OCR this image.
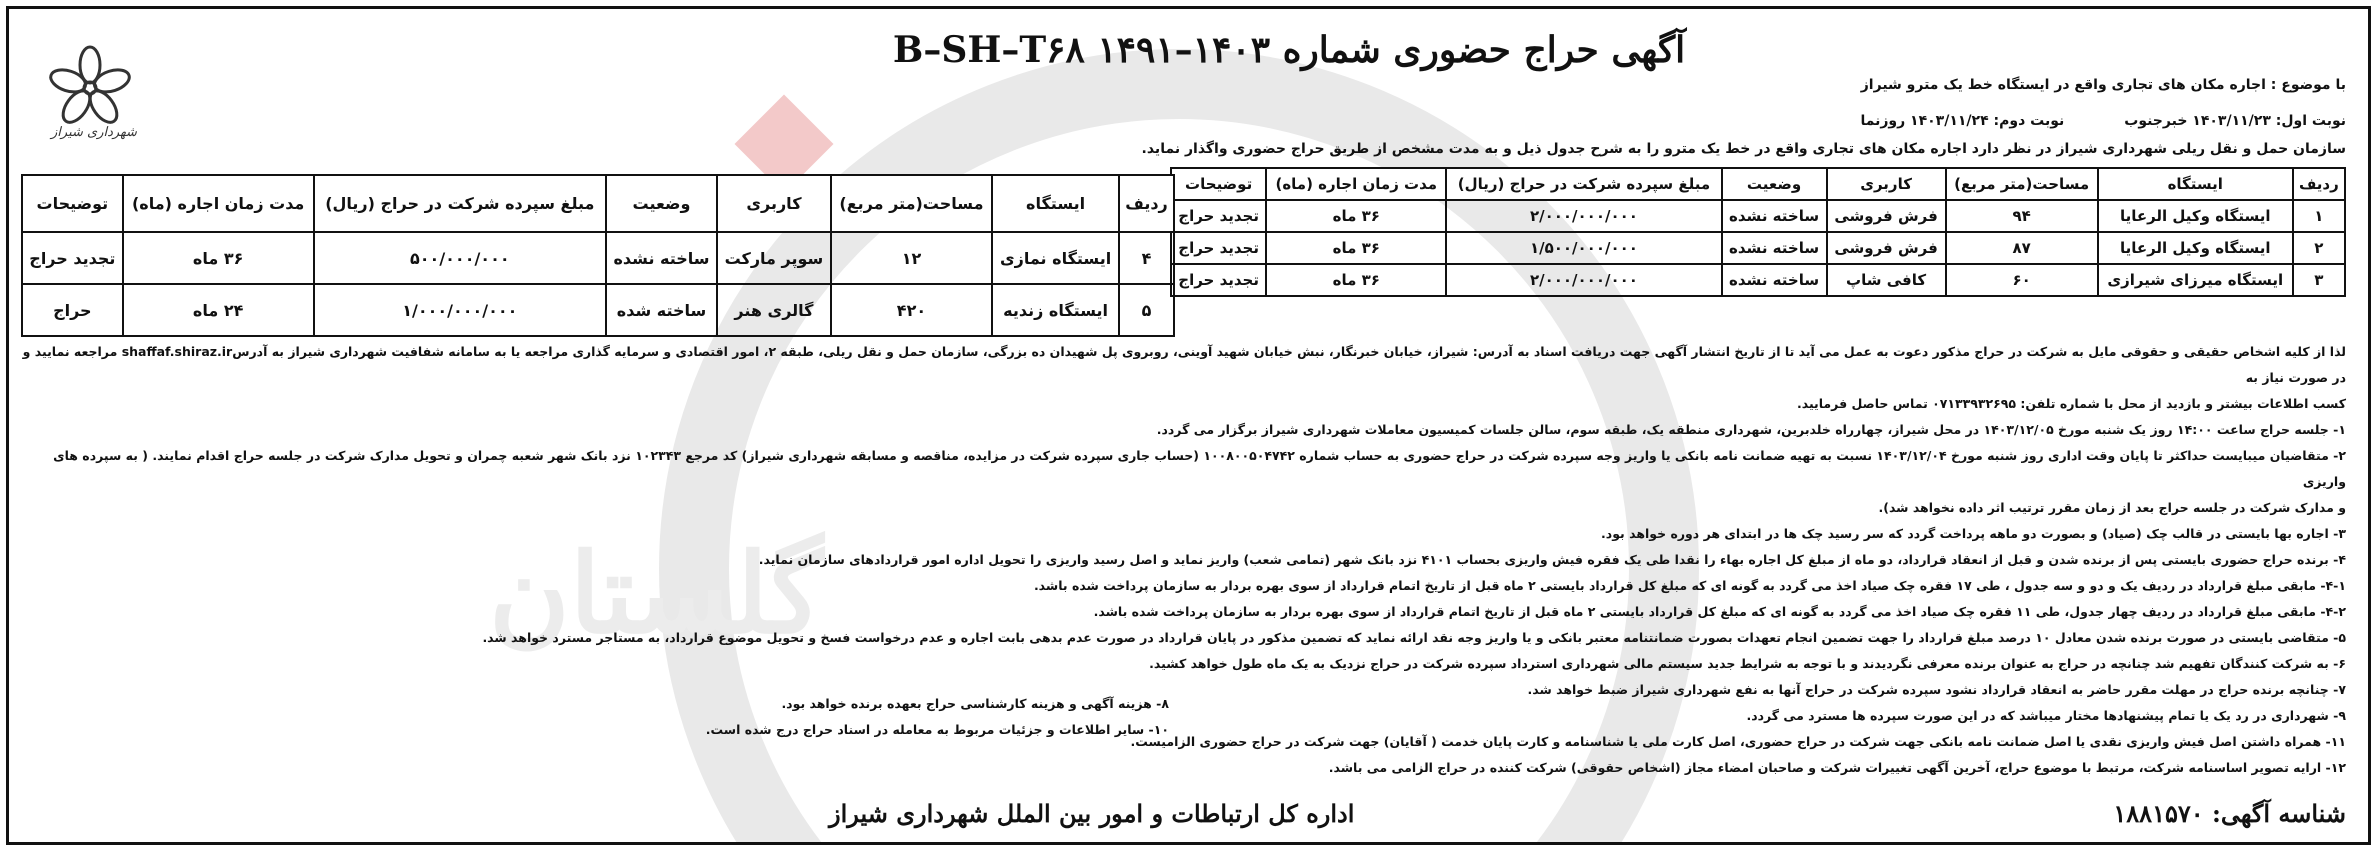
گلستان
آگهی حراج حضوری شماره B–SH–T۶۸ ۱۴۹۱–۱۴۰۳
شهرداری شیراز
با موضوع : اجاره مکان های تجاری واقع در ایستگاه خط یک مترو شیراز
نوبت اول: ۱۴۰۳/۱۱/۲۳ خبرجنوبنوبت دوم: ۱۴۰۳/۱۱/۲۴ روزنما
سازمان حمل و نقل ریلی شهرداری شیراز در نظر دارد اجاره مکان های تجاری واقع در خط یک مترو را به شرح جدول ذیل و به مدت مشخص از طریق حراج حضوری واگذار نماید.
ردیف	ایستگاه	مساحت(متر مربع)	کاربری	وضعیت	مبلغ سپرده شرکت در حراج (ریال)	مدت زمان اجاره (ماه)	توضیحات
۱	ایستگاه وکیل الرعایا	۹۴	فرش فروشی	ساخته نشده	۲/۰۰۰/۰۰۰/۰۰۰	۳۶ ماه	تجدید حراج
۲	ایستگاه وکیل الرعایا	۸۷	فرش فروشی	ساخته نشده	۱/۵۰۰/۰۰۰/۰۰۰	۳۶ ماه	تجدید حراج
۳	ایستگاه میرزای شیرازی	۶۰	کافی شاپ	ساخته نشده	۲/۰۰۰/۰۰۰/۰۰۰	۳۶ ماه	تجدید حراج
ردیف	ایستگاه	مساحت(متر مربع)	کاربری	وضعیت	مبلغ سپرده شرکت در حراج (ریال)	مدت زمان اجاره (ماه)	توضیحات
۴	ایستگاه نمازی	۱۲	سوپر مارکت	ساخته نشده	۵۰۰/۰۰۰/۰۰۰	۳۶ ماه	تجدید حراج
۵	ایستگاه زندیه	۴۲۰	گالری هنر	ساخته شده	۱/۰۰۰/۰۰۰/۰۰۰	۲۴ ماه	حراج

لذا از کلیه اشخاص حقیقی و حقوقی مایل به شرکت در حراج مذکور دعوت به عمل می آید تا از تاریخ انتشار آگهی جهت دریافت اسناد به آدرس: شیراز، خیابان خبرنگار، نبش خیابان شهید آوینی، روبروی پل شهیدان ده بزرگی، سازمان حمل و نقل ریلی، طبقه ۲، امور اقتصادی و سرمایه گذاری مراجعه یا به سامانه شفافیت شهرداری شیراز به آدرسshaffaf.shiraz.ir مراجعه نمایید و در صورت نیاز به

کسب اطلاعات بیشتر و بازدید از محل با شماره تلفن: ۰۷۱۳۳۹۳۲۶۹۵ تماس حاصل فرمایید.

۱- جلسه حراج ساعت ۱۴:۰۰ روز یک شنبه مورخ ۱۴۰۳/۱۲/۰۵ در محل شیراز، چهارراه خلدبرین، شهرداری منطقه یک، طبقه سوم، سالن جلسات کمیسیون معاملات شهرداری شیراز برگزار می گردد.

۲- متقاضیان میبایست حداکثر تا پایان وقت اداری روز شنبه مورخ ۱۴۰۳/۱۲/۰۴ نسبت به تهیه ضمانت نامه بانکی یا واریز وجه سپرده شرکت در حراج حضوری به حساب شماره ۱۰۰۸۰۰۵۰۴۷۴۲ (حساب جاری سپرده شرکت در مزایده، مناقصه و مسابقه شهرداری شیراز) کد مرجع ۱۰۲۳۴۳ نزد بانک شهر شعبه چمران و تحویل مدارک شرکت در جلسه حراج اقدام نمایند. ( به سپرده های واریزی

و مدارک شرکت در جلسه حراج بعد از زمان مقرر ترتیب اثر داده نخواهد شد).

۳- اجاره بها بایستی در قالب چک (صیاد) و بصورت دو ماهه پرداخت گردد که سر رسید چک ها در ابتدای هر دوره خواهد بود.

۴- برنده حراج حضوری بایستی پس از برنده شدن و قبل از انعقاد قرارداد، دو ماه از مبلغ کل اجاره بهاء را نقدا طی یک فقره فیش واریزی بحساب ۴۱۰۱ نزد بانک شهر (تمامی شعب) واریز نماید و اصل رسید واریزی را تحویل اداره امور قراردادهای سازمان نماید.

۴-۱- مابقی مبلغ قرارداد در ردیف یک و دو و سه جدول ، طی ۱۷ فقره چک صیاد اخذ می گردد به گونه ای که مبلغ کل قرارداد بایستی ۲ ماه قبل از تاریخ اتمام قرارداد از سوی بهره بردار به سازمان پرداخت شده باشد.

۴-۲- مابقی مبلغ قرارداد در ردیف چهار جدول، طی ۱۱ فقره چک صیاد اخذ می گردد به گونه ای که مبلغ کل قرارداد بایستی ۲ ماه قبل از تاریخ اتمام قرارداد از سوی بهره بردار به سازمان پرداخت شده باشد.

۵- متقاضی بایستی در صورت برنده شدن معادل ۱۰ درصد مبلغ قرارداد را جهت تضمین انجام تعهدات بصورت ضمانتنامه معتبر بانکی و یا واریز وجه نقد ارائه نماید که تضمین مذکور در پایان قرارداد در صورت عدم بدهی بابت اجاره و عدم درخواست فسخ و تحویل موضوع قرارداد، به مستاجر مسترد خواهد شد.

۶- به شرکت کنندگان تفهیم شد چنانچه در حراج به عنوان برنده معرفی نگردیدند و با توجه به شرایط جدید سیستم مالی شهرداری استرداد سپرده شرکت در حراج نزدیک به یک ماه طول خواهد کشید.

۷- چنانچه برنده حراج در مهلت مقرر حاضر به انعقاد قرارداد نشود سپرده شرکت در حراج آنها به نفع شهرداری شیراز ضبط خواهد شد.

۹- شهرداری در رد یک یا تمام پیشنهادها مختار میباشد که در این صورت سپرده ها مسترد می گردد.

۱۱- همراه داشتن اصل فیش واریزی نقدی یا اصل ضمانت نامه بانکی جهت شرکت در حراج حضوری، اصل کارت ملی یا شناسنامه و کارت پایان خدمت ( آقایان) جهت شرکت در حراج حضوری الزامیست.

۱۲- ارایه تصویر اساسنامه شرکت، مرتبط با موضوع حراج، آخرین آگهی تغییرات شرکت و صاحبان امضاء مجاز (اشخاص حقوقی) شرکت کننده در حراج الزامی می باشد.

۸- هزینه آگهی و هزینه کارشناسی حراج بعهده برنده خواهد بود.

۱۰- سایر اطلاعات و جزئیات مربوط به معامله در اسناد حراج درج شده است.

شناسه آگهی: ۱۸۸۱۵۷۰
اداره کل ارتباطات و امور بین الملل شهرداری شیراز
